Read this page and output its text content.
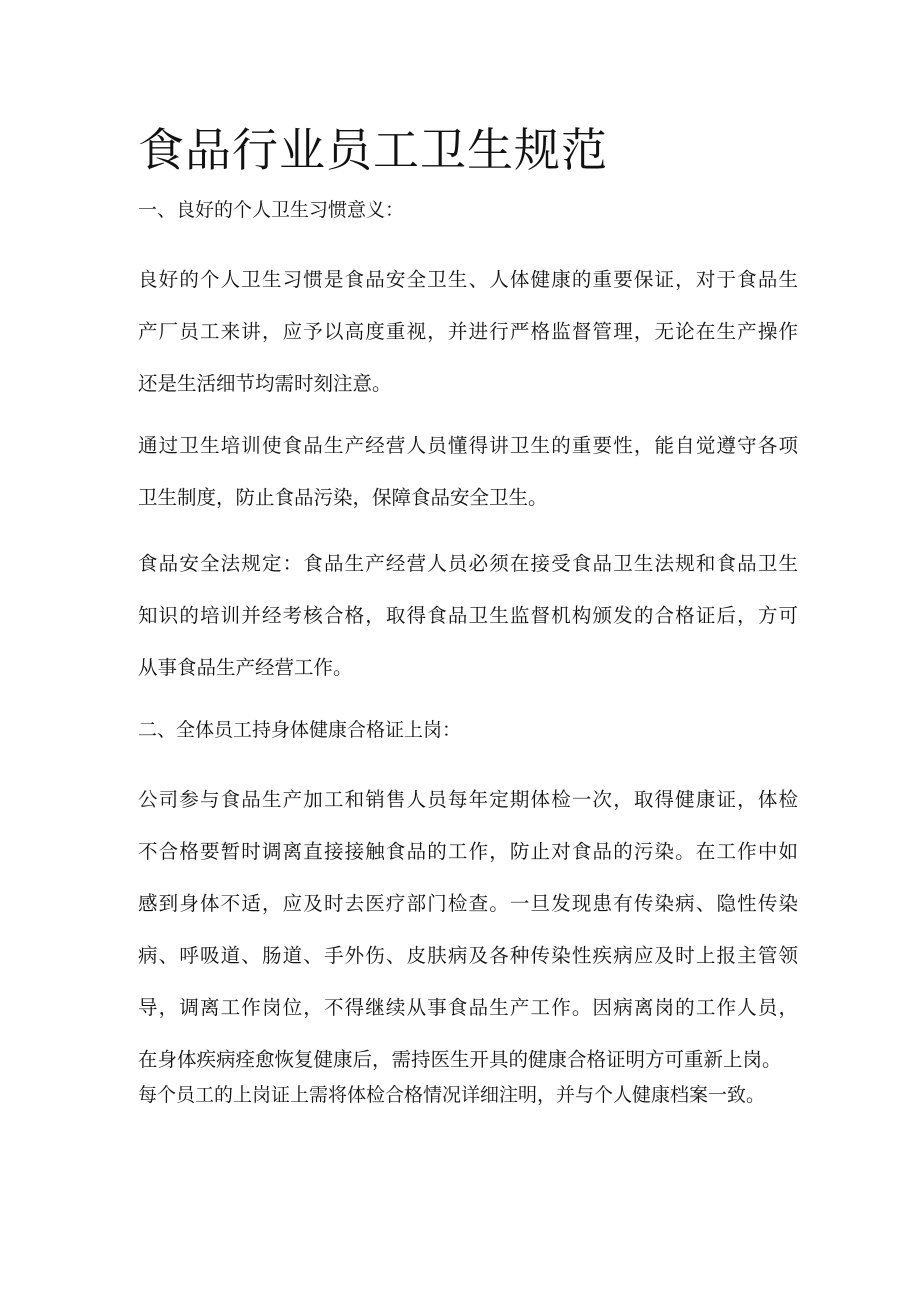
食品行业员工卫生规范
一、良好的个人卫生习惯意义：

良好的个人卫生习惯是食品安全卫生、人体健康的重要保证，对于食品生
产厂员工来讲，应予以高度重视，并进行严格监督管理，无论在生产操作
还是生活细节均需时刻注意。

通过卫生培训使食品生产经营人员懂得讲卫生的重要性，能自觉遵守各项
卫生制度，防止食品污染，保障食品安全卫生。

食品安全法规定：食品生产经营人员必须在接受食品卫生法规和食品卫生
知识的培训并经考核合格，取得食品卫生监督机构颁发的合格证后，方可
从事食品生产经营工作。

二、全体员工持身体健康合格证上岗：

公司参与食品生产加工和销售人员每年定期体检一次，取得健康证，体检
不合格要暂时调离直接接触食品的工作，防止对食品的污染。在工作中如
感到身体不适，应及时去医疗部门检查。一旦发现患有传染病、隐性传染
病、呼吸道、肠道、手外伤、皮肤病及各种传染性疾病应及时上报主管领
导，调离工作岗位，不得继续从事食品生产工作。因病离岗的工作人员，
在身体疾病痊愈恢复健康后，需持医生开具的健康合格证明方可重新上岗。

每个员工的上岗证上需将体检合格情况详细注明，并与个人健康档案一致。
